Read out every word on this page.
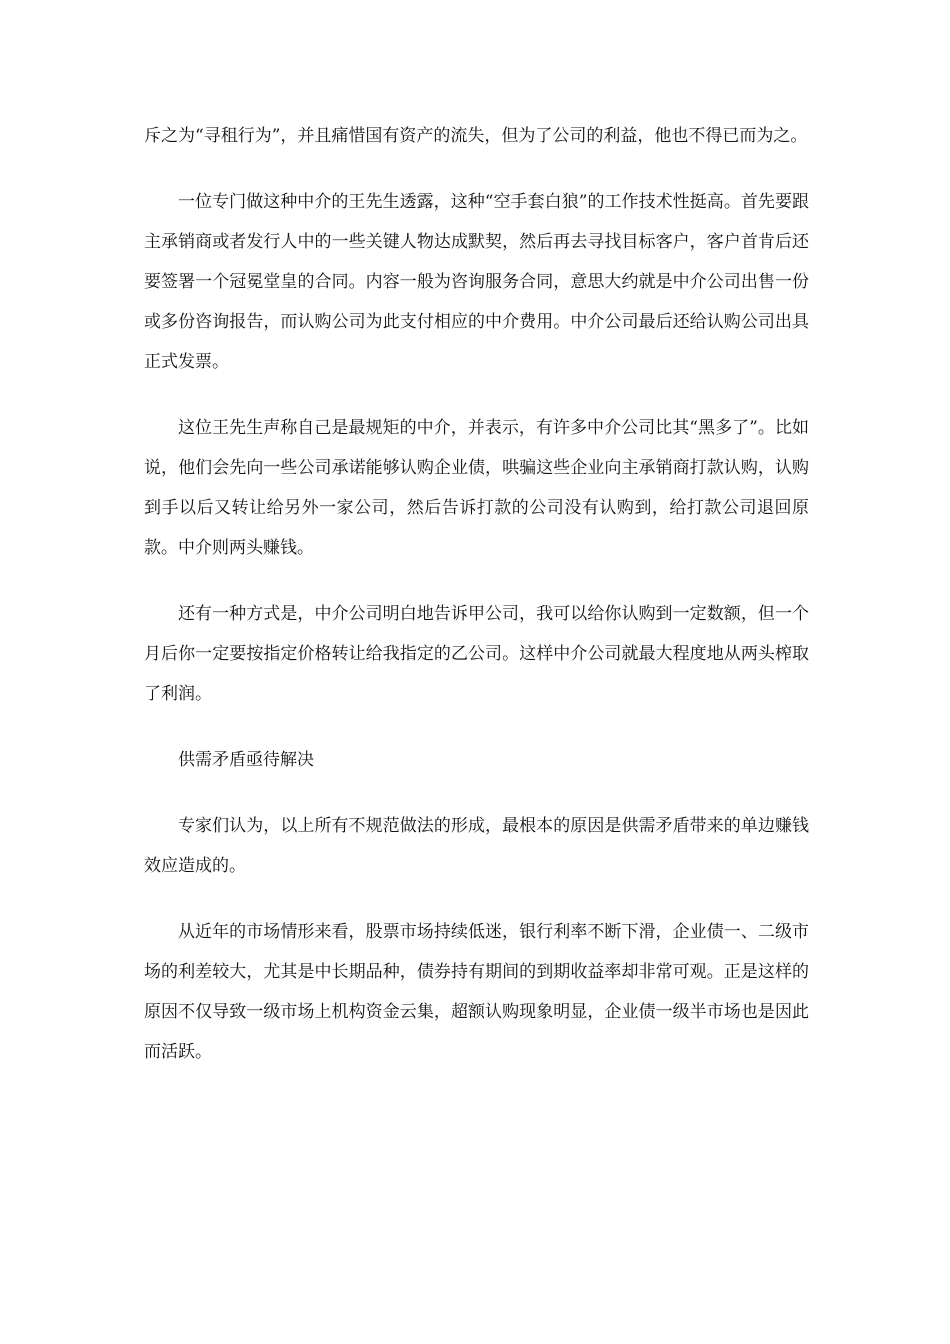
斥之为“寻租行为”，并且痛惜国有资产的流失，但为了公司的利益，他也不得已而为之。

一位专门做这种中介的王先生透露，这种“空手套白狼”的工作技术性挺高。首先要跟主承销商或者发行人中的一些关键人物达成默契，然后再去寻找目标客户，客户首肯后还要签署一个冠冕堂皇的合同。内容一般为咨询服务合同，意思大约就是中介公司出售一份或多份咨询报告，而认购公司为此支付相应的中介费用。中介公司最后还给认购公司出具正式发票。

这位王先生声称自己是最规矩的中介，并表示，有许多中介公司比其“黑多了”。比如说，他们会先向一些公司承诺能够认购企业债，哄骗这些企业向主承销商打款认购，认购到手以后又转让给另外一家公司，然后告诉打款的公司没有认购到，给打款公司退回原款。中介则两头赚钱。

还有一种方式是，中介公司明白地告诉甲公司，我可以给你认购到一定数额，但一个月后你一定要按指定价格转让给我指定的乙公司。这样中介公司就最大程度地从两头榨取了利润。

供需矛盾亟待解决

专家们认为，以上所有不规范做法的形成，最根本的原因是供需矛盾带来的单边赚钱效应造成的。

从近年的市场情形来看，股票市场持续低迷，银行利率不断下滑，企业债一、二级市场的利差较大，尤其是中长期品种，债券持有期间的到期收益率却非常可观。正是这样的原因不仅导致一级市场上机构资金云集，超额认购现象明显，企业债一级半市场也是因此而活跃。
